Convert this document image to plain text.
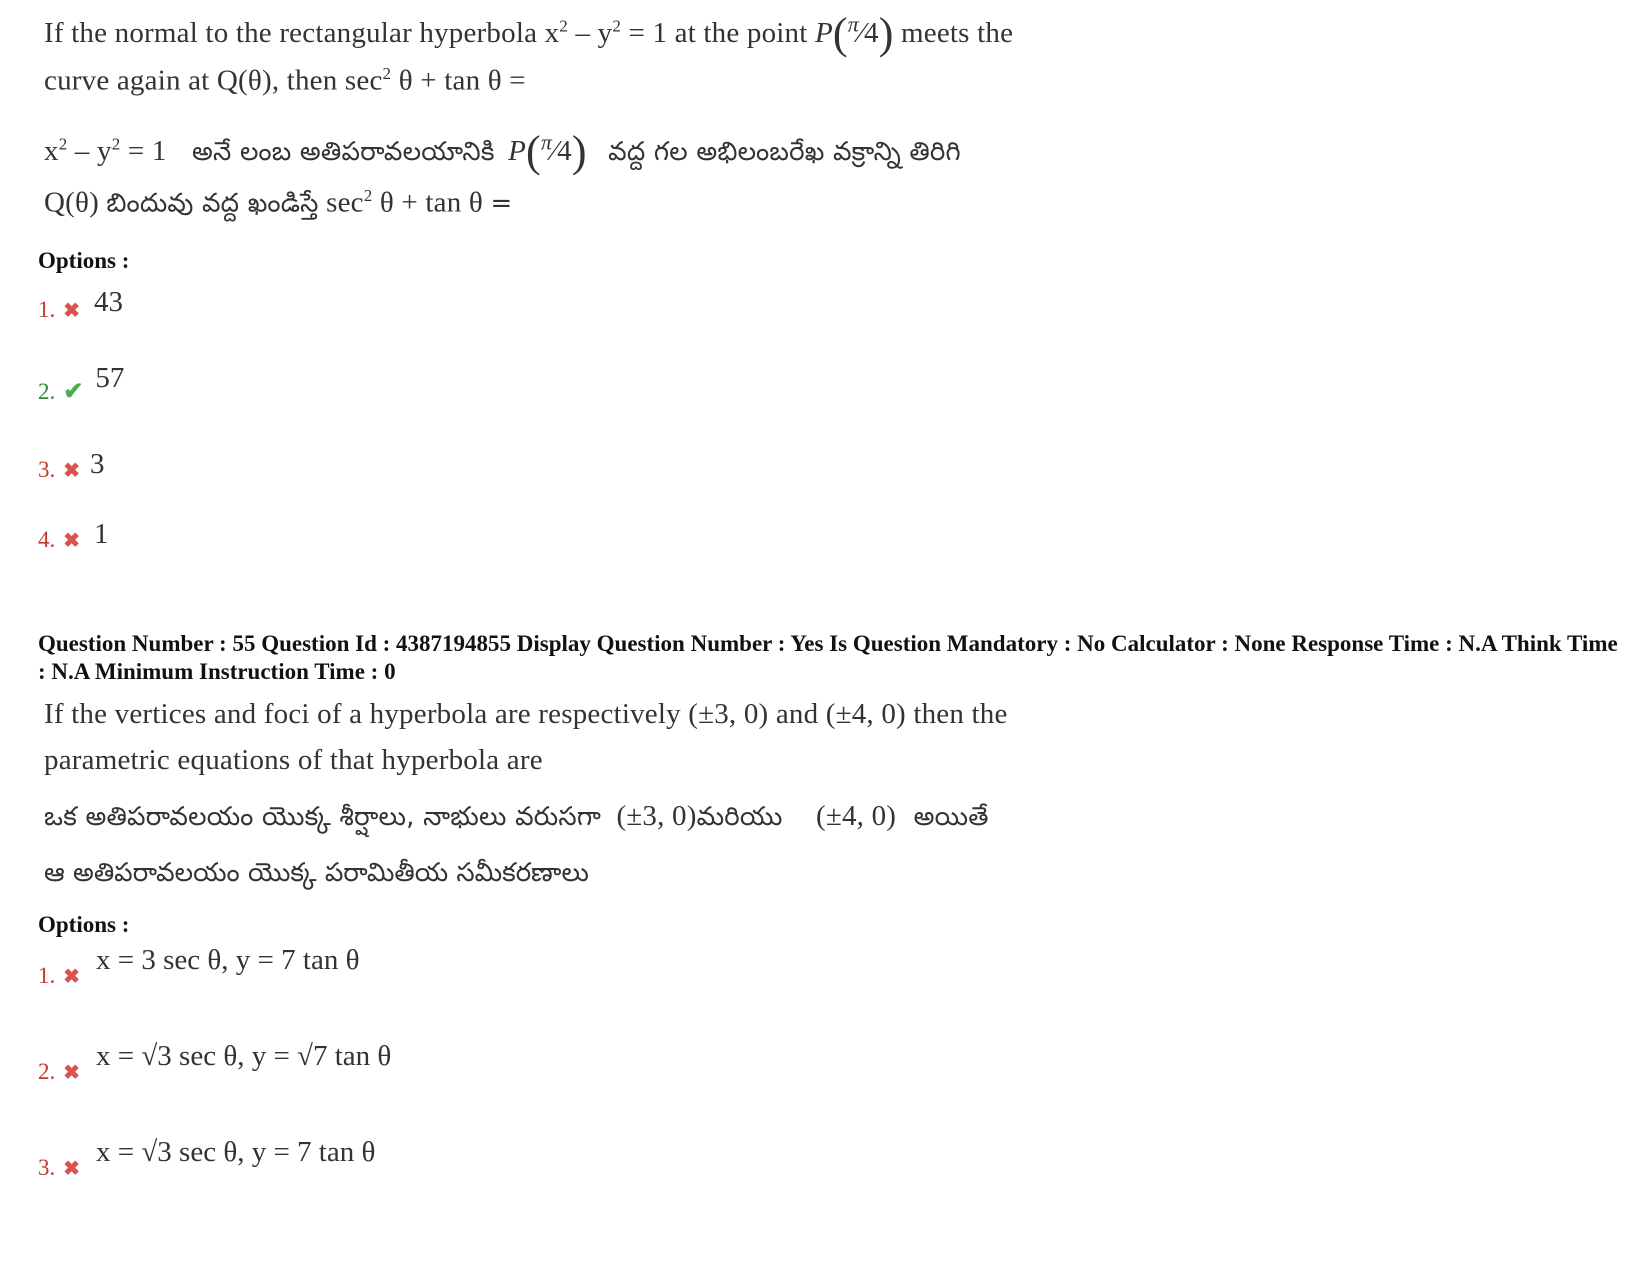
If the normal to the rectangular hyperbola $x^2 - y^2 = 1$ at the point P($^\pi$⁄4) meets the
curve again at Q(θ), then $\sec^2 \theta + \tan \theta$ =
$x^2 - y^2 = 1$ అనే లంబ అతిపరావలయానికి P($^\pi$⁄4) వద్ద గల అభిలంబరేఖ వక్రాన్ని తిరిగి
Q(θ) బిందువు వద్ద ఖండిస్తే $\sec^2 \theta + \tan \theta$ =
Options :
1. ✖ 43
2. ✔ 57
3. ✖ 3
4. ✖ 1
Question Number : 55 Question Id : 4387194855 Display Question Number : Yes Is Question Mandatory : No Calculator : None Response Time : N.A Think Time : N.A Minimum Instruction Time : 0
If the vertices and foci of a hyperbola are respectively (±3, 0) and (±4, 0) then the
parametric equations of that hyperbola are
ఒక అతిపరావలయం యొక్క శీర్షాలు, నాభులు వరుసగా (±3, 0)మరియు (±4, 0) అయితే
ఆ అతిపరావలయం యొక్క పరామితీయ సమీకరణాలు
Options :
1. ✖ x = 3 sec θ, y = 7 tan θ
2. ✖ x = √3 sec θ, y = √7 tan θ
3. ✖ x = √3 sec θ, y = 7 tan θ
